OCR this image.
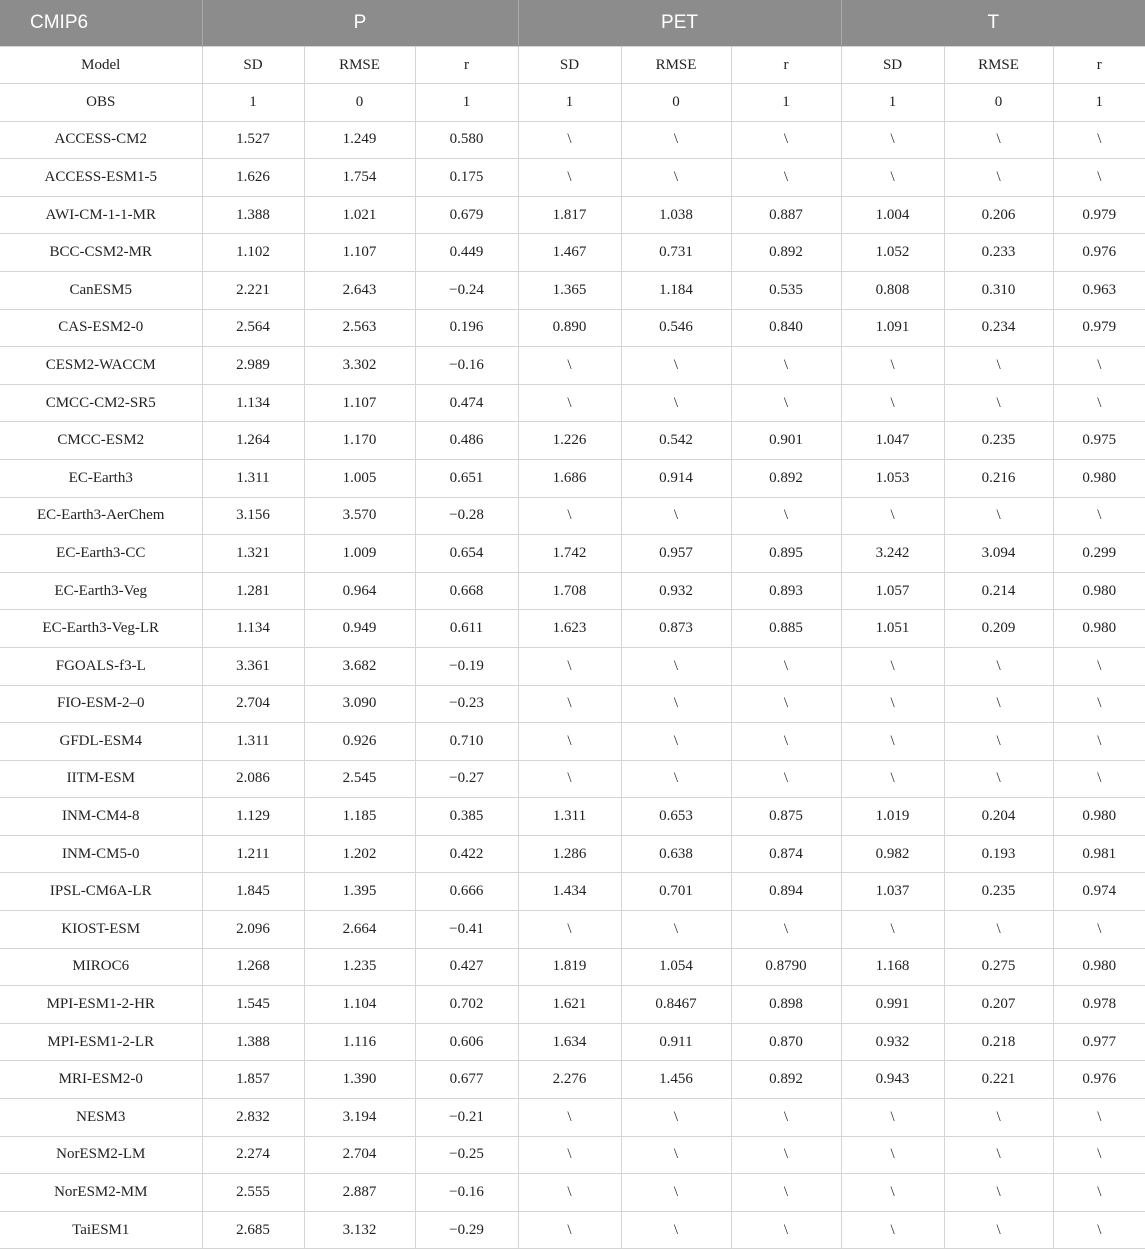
CMIP6	P			PET			T		
Model	SD	RMSE	r	SD	RMSE	r	SD	RMSE	r
OBS	1	0	1	1	0	1	1	0	1
ACCESS-CM2	1.527	1.249	0.580	\	\	\	\	\	\
ACCESS-ESM1-5	1.626	1.754	0.175	\	\	\	\	\	\
AWI-CM-1-1-MR	1.388	1.021	0.679	1.817	1.038	0.887	1.004	0.206	0.979
BCC-CSM2-MR	1.102	1.107	0.449	1.467	0.731	0.892	1.052	0.233	0.976
CanESM5	2.221	2.643	−0.24	1.365	1.184	0.535	0.808	0.310	0.963
CAS-ESM2-0	2.564	2.563	0.196	0.890	0.546	0.840	1.091	0.234	0.979
CESM2-WACCM	2.989	3.302	−0.16	\	\	\	\	\	\
CMCC-CM2-SR5	1.134	1.107	0.474	\	\	\	\	\	\
CMCC-ESM2	1.264	1.170	0.486	1.226	0.542	0.901	1.047	0.235	0.975
EC-Earth3	1.311	1.005	0.651	1.686	0.914	0.892	1.053	0.216	0.980
EC-Earth3-AerChem	3.156	3.570	−0.28	\	\	\	\	\	\
EC-Earth3-CC	1.321	1.009	0.654	1.742	0.957	0.895	3.242	3.094	0.299
EC-Earth3-Veg	1.281	0.964	0.668	1.708	0.932	0.893	1.057	0.214	0.980
EC-Earth3-Veg-LR	1.134	0.949	0.611	1.623	0.873	0.885	1.051	0.209	0.980
FGOALS-f3-L	3.361	3.682	−0.19	\	\	\	\	\	\
FIO-ESM-2–0	2.704	3.090	−0.23	\	\	\	\	\	\
GFDL-ESM4	1.311	0.926	0.710	\	\	\	\	\	\
IITM-ESM	2.086	2.545	−0.27	\	\	\	\	\	\
INM-CM4-8	1.129	1.185	0.385	1.311	0.653	0.875	1.019	0.204	0.980
INM-CM5-0	1.211	1.202	0.422	1.286	0.638	0.874	0.982	0.193	0.981
IPSL-CM6A-LR	1.845	1.395	0.666	1.434	0.701	0.894	1.037	0.235	0.974
KIOST-ESM	2.096	2.664	−0.41	\	\	\	\	\	\
MIROC6	1.268	1.235	0.427	1.819	1.054	0.8790	1.168	0.275	0.980
MPI-ESM1-2-HR	1.545	1.104	0.702	1.621	0.8467	0.898	0.991	0.207	0.978
MPI-ESM1-2-LR	1.388	1.116	0.606	1.634	0.911	0.870	0.932	0.218	0.977
MRI-ESM2-0	1.857	1.390	0.677	2.276	1.456	0.892	0.943	0.221	0.976
NESM3	2.832	3.194	−0.21	\	\	\	\	\	\
NorESM2-LM	2.274	2.704	−0.25	\	\	\	\	\	\
NorESM2-MM	2.555	2.887	−0.16	\	\	\	\	\	\
TaiESM1	2.685	3.132	−0.29	\	\	\	\	\	\
